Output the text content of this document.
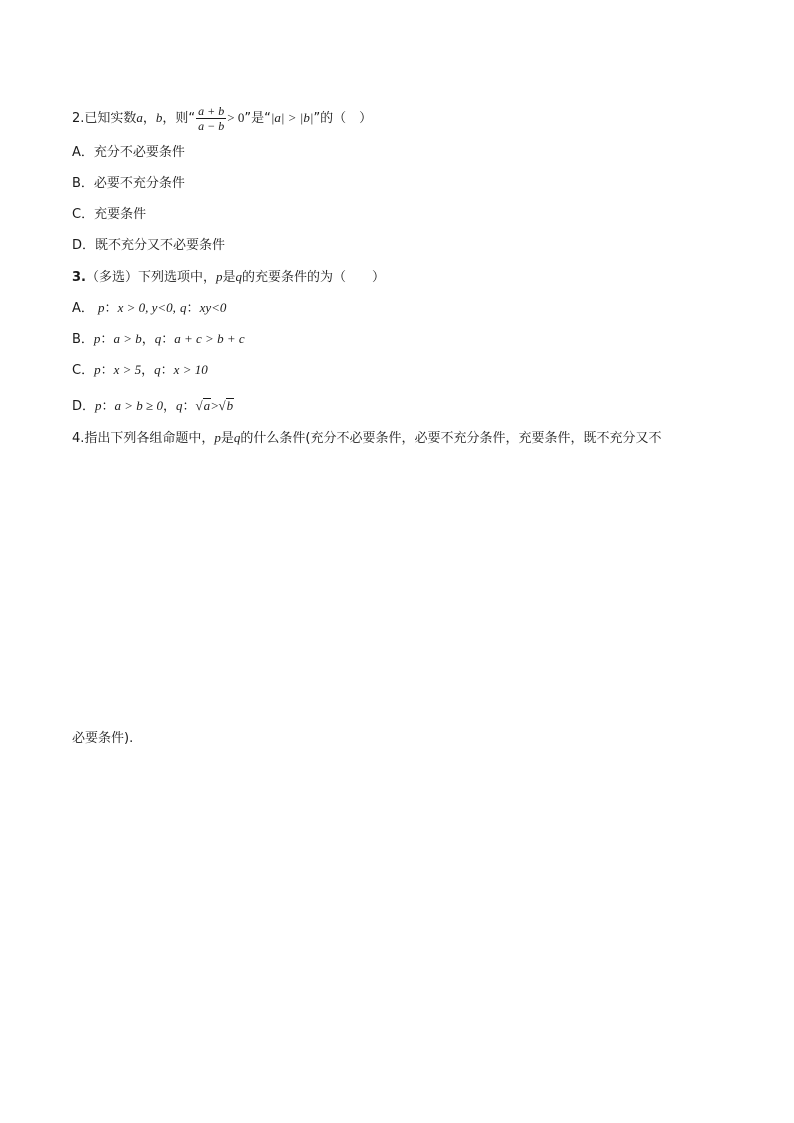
2.已知实数a，b，则“ $\frac{a + b}{a - b} > 0$”是“|a| > |b|”的（　）
A．充分不必要条件
B．必要不充分条件
C．充要条件
D．既不充分又不必要条件
3.（多选）下列选项中，p是q的充要条件的为（　　）
A． p：x > 0, y<0, q：xy<0
B．p：a > b，q：a + c > b + c
C．p：x > 5，q：x > 10
D．p：a > b ≥ 0，q：√a>√b
4.指出下列各组命题中，p是q的什么条件(充分不必要条件，必要不充分条件，充要条件，既不充分又不
必要条件).
